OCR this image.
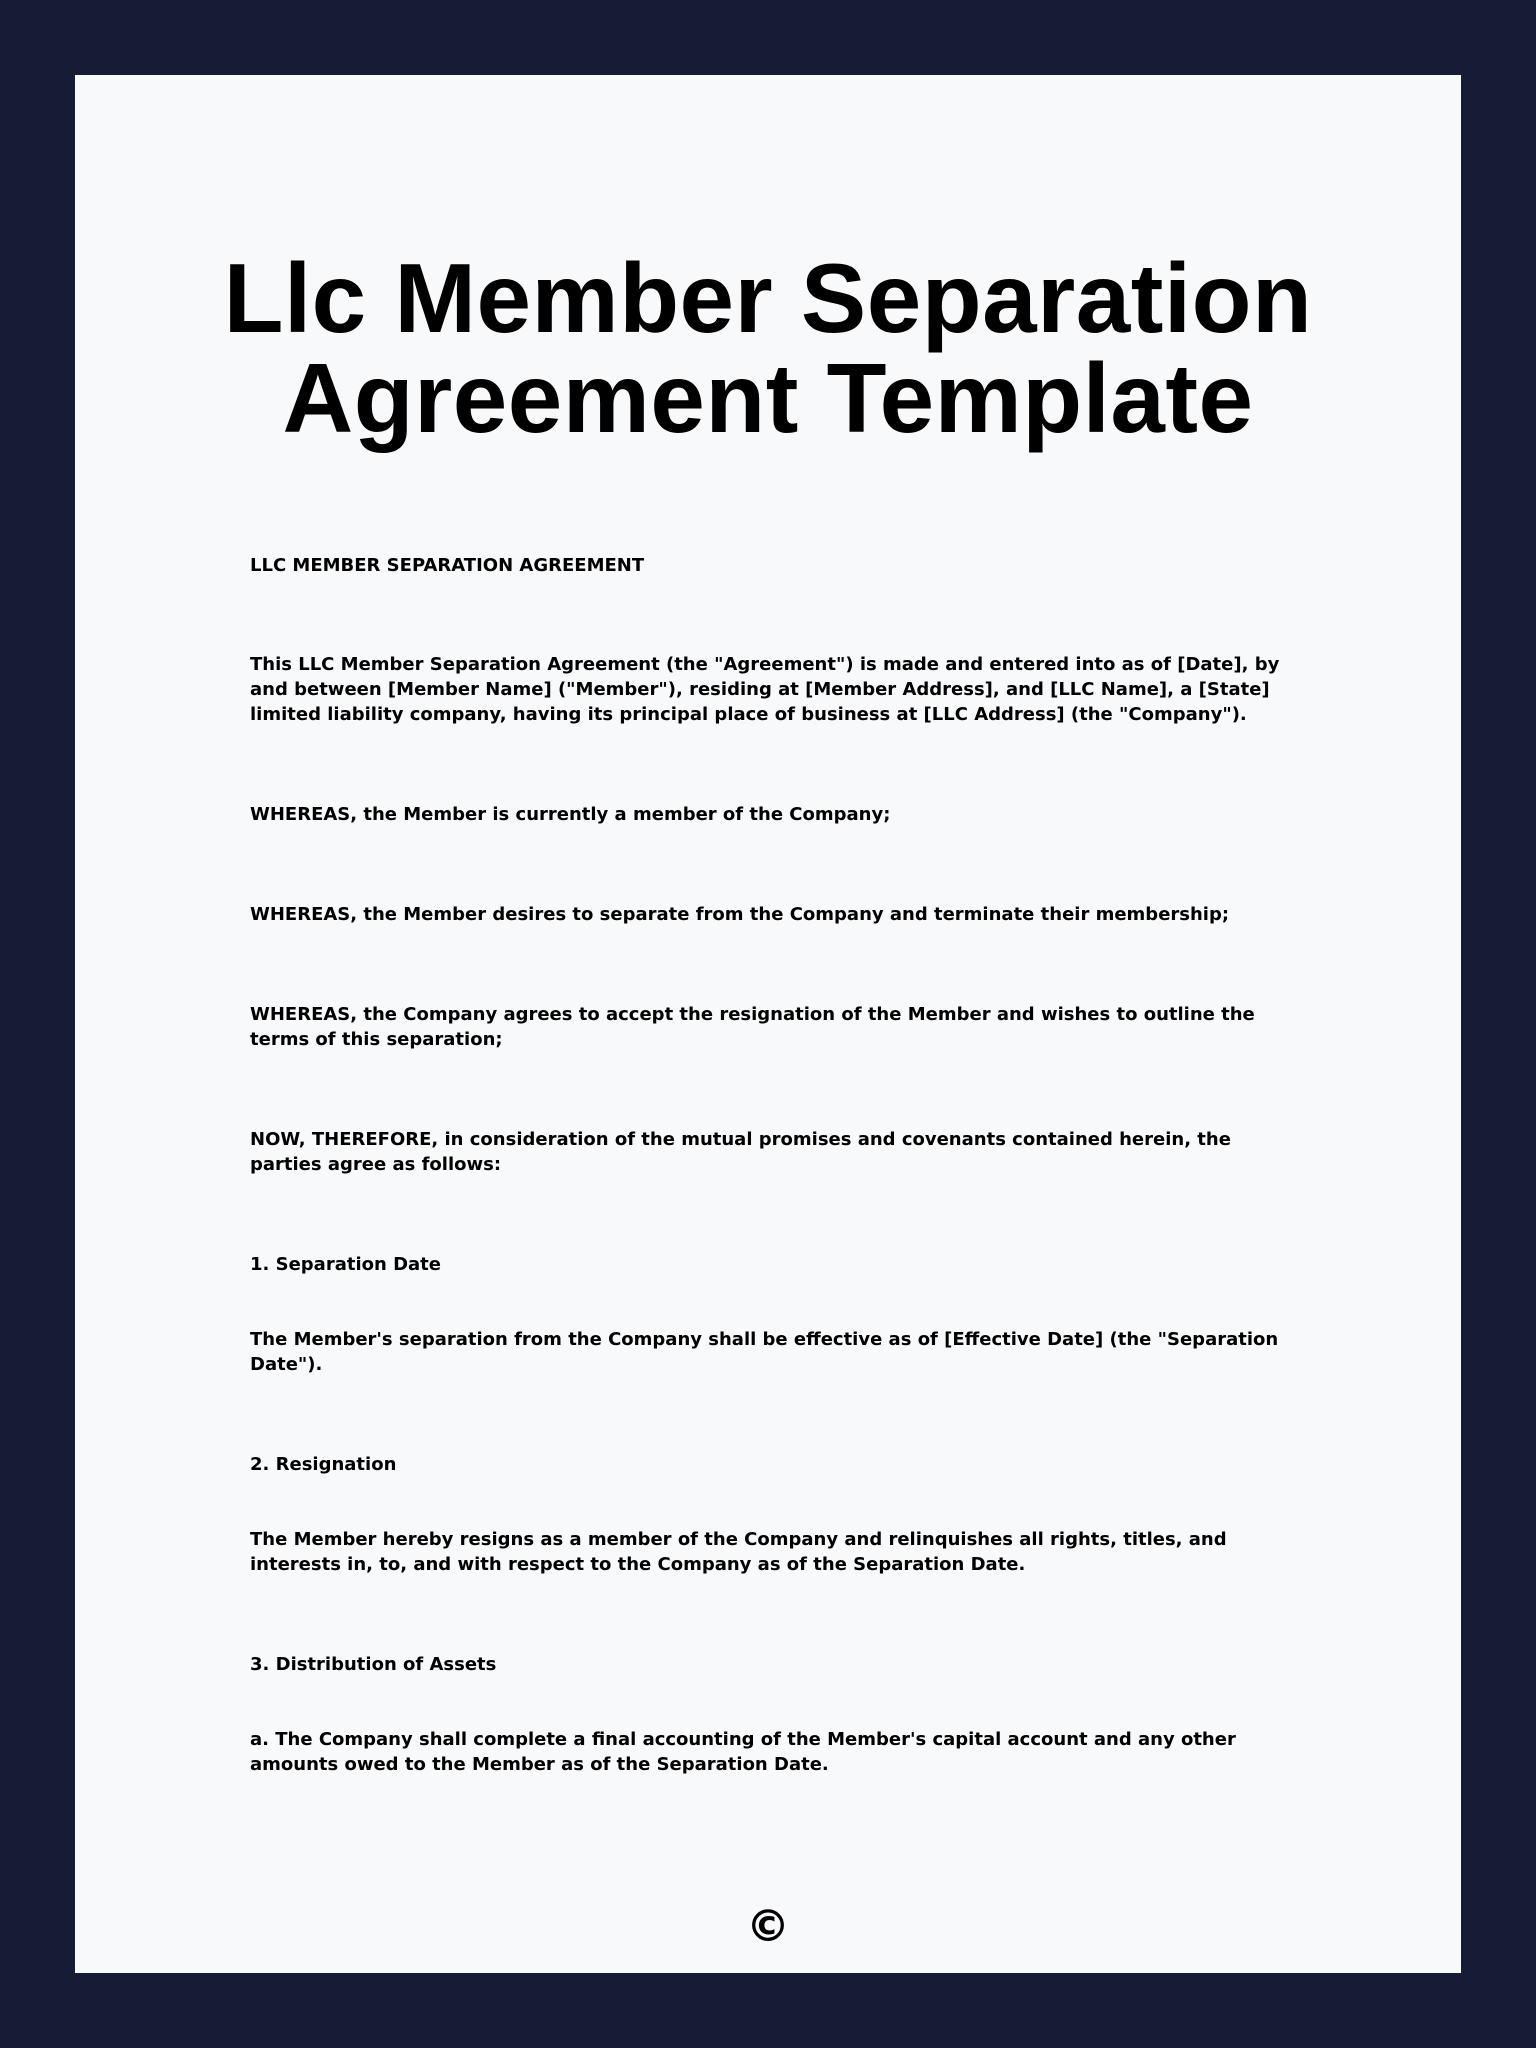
Llc Member Separation Agreement Template

LLC MEMBER SEPARATION AGREEMENT

This LLC Member Separation Agreement (the "Agreement") is made and entered into as of [Date], by and between [Member Name] ("Member"), residing at [Member Address], and [LLC Name], a [State] limited liability company, having its principal place of business at [LLC Address] (the "Company").

WHEREAS, the Member is currently a member of the Company;

WHEREAS, the Member desires to separate from the Company and terminate their membership;

WHEREAS, the Company agrees to accept the resignation of the Member and wishes to outline the terms of this separation;

NOW, THEREFORE, in consideration of the mutual promises and covenants contained herein, the parties agree as follows:

1. Separation Date

The Member's separation from the Company shall be effective as of [Effective Date] (the "Separation Date").

2. Resignation

The Member hereby resigns as a member of the Company and relinquishes all rights, titles, and interests in, to, and with respect to the Company as of the Separation Date.

3. Distribution of Assets

a. The Company shall complete a final accounting of the Member's capital account and any other amounts owed to the Member as of the Separation Date.

©
